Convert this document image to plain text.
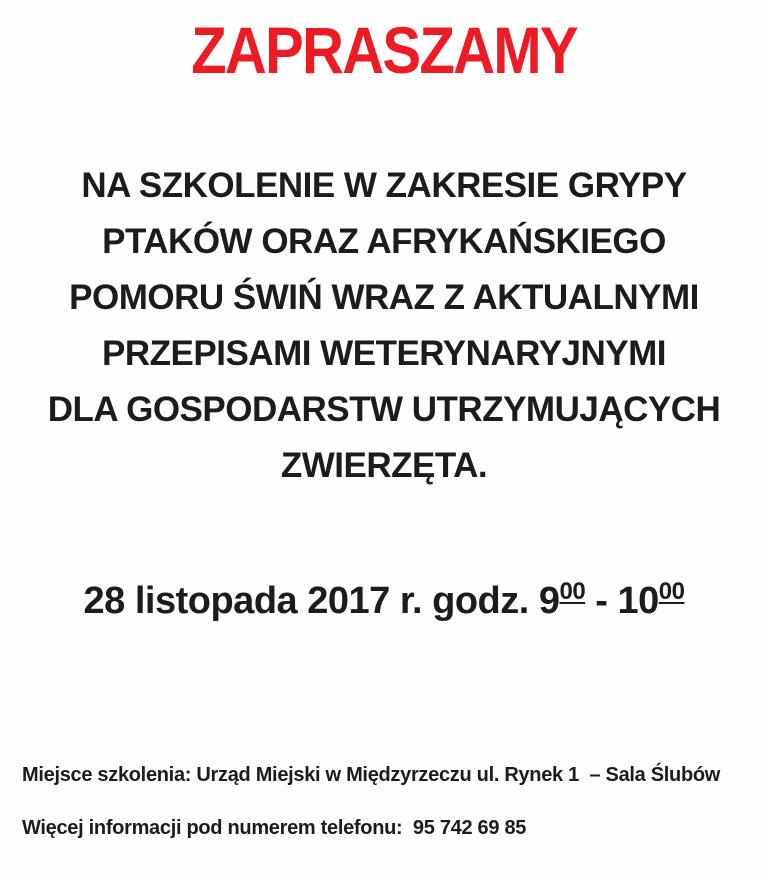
ZAPRASZAMY
NA SZKOLENIE W ZAKRESIE GRYPY
PTAKÓW ORAZ AFRYKAŃSKIEGO
POMORU ŚWIŃ WRAZ Z AKTUALNYMI
PRZEPISAMI WETERYNARYJNYMI
DLA GOSPODARSTW UTRZYMUJĄCYCH
ZWIERZĘTA.
28 listopada 2017 r. godz. 900 - 1000
Miejsce szkolenia: Urząd Miejski w Międzyrzeczu ul. Rynek 1  – Sala Ślubów
Więcej informacji pod numerem telefonu:  95 742 69 85
